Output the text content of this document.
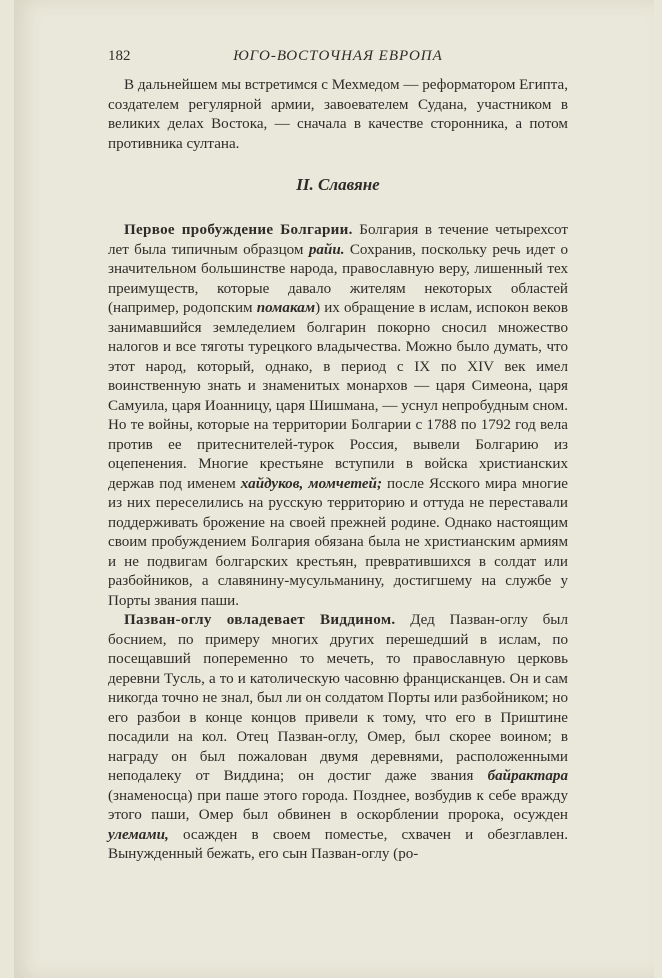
182	ЮГО-ВОСТОЧНАЯ ЕВРОПА

В дальнейшем мы встретимся с Мехмедом — реформатором Египта, создателем регулярной армии, завоевателем Судана, участником в великих делах Востока, — сначала в качестве сторонника, а потом противника султана.

II. Славяне

Первое пробуждение Болгарии. Болгария в течение четырехсот лет была типичным образцом райи. Сохранив, поскольку речь идет о значительном большинстве народа, православную веру, лишенный тех преимуществ, которые давало жителям некоторых областей (например, родопским помакам) их обращение в ислам, испокон веков занимавшийся земледелием болгарин покорно сносил множество налогов и все тяготы турецкого владычества. Можно было думать, что этот народ, который, однако, в период с IX по XIV век имел воинственную знать и знаменитых монархов — царя Симеона, царя Самуила, царя Иоанницу, царя Шишмана, — уснул непробудным сном. Но те войны, которые на территории Болгарии с 1788 по 1792 год вела против ее притеснителей-турок Россия, вывели Болгарию из оцепенения. Многие крестьяне вступили в войска христианских держав под именем хайдуков, момчетей; после Ясского мира многие из них переселились на русскую территорию и оттуда не переставали поддерживать брожение на своей прежней родине. Однако настоящим своим пробуждением Болгария обязана была не христианским армиям и не подвигам болгарских крестьян, превратившихся в солдат или разбойников, а славянину-мусульманину, достигшему на службе у Порты звания паши.

Пазван-оглу овладевает Виддином. Дед Пазван-оглу был боснием, по примеру многих других перешедший в ислам, по посещавший попеременно то мечеть, то православную церковь деревни Тусль, а то и католическую часовню францисканцев. Он и сам никогда точно не знал, был ли он солдатом Порты или разбойником; но его разбои в конце концов привели к тому, что его в Приштине посадили на кол. Отец Пазван-оглу, Омер, был скорее воином; в награду он был пожалован двумя деревнями, расположенными неподалеку от Виддина; он достиг даже звания байрактара (знаменосца) при паше этого города. Позднее, возбудив к себе вражду этого паши, Омер был обвинен в оскорблении пророка, осужден улемами, осажден в своем поместье, схвачен и обезглавлен. Вынужденный бежать, его сын Пазван-оглу (ро-
